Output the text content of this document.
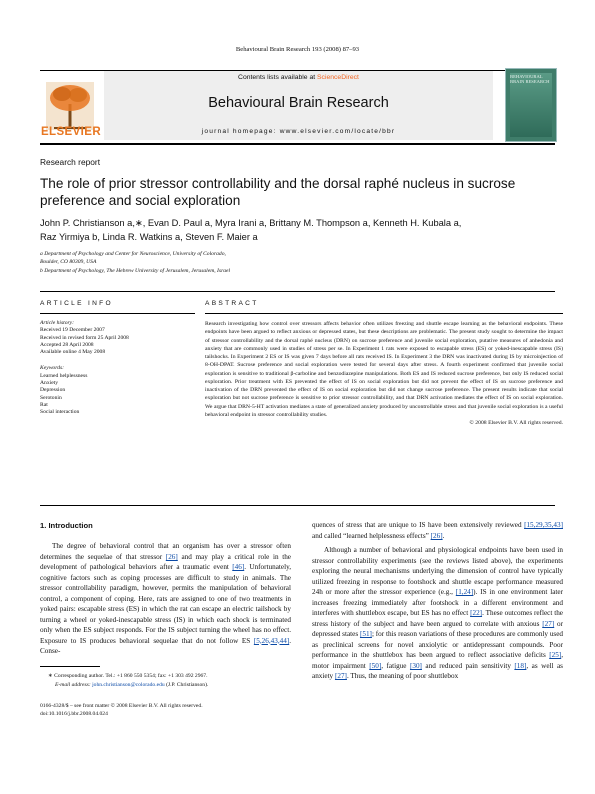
Behavioural Brain Research 193 (2008) 87–93
ELSEVIER
Contents lists available at ScienceDirect
Behavioural Brain Research
journal homepage: www.elsevier.com/locate/bbr
BEHAVIOURAL BRAIN RESEARCH
Research report
The role of prior stressor controllability and the dorsal raphé nucleus in sucrose preference and social exploration
John P. Christianson a,∗, Evan D. Paul a, Myra Irani a, Brittany M. Thompson a, Kenneth H. Kubala a,
Raz Yirmiya b, Linda R. Watkins a, Steven F. Maier a
a Department of Psychology and Center for Neuroscience, University of Colorado,
Boulder, CO 80309, USA
b Department of Psychology, The Hebrew University of Jerusalem, Jerusalem, Israel
ARTICLE INFO	ABSTRACT
Article history:
Received 19 December 2007
Received in revised form 25 April 2008
Accepted 28 April 2008
Available online 4 May 2008
Keywords:
Learned helplessness
Anxiety
Depression
Serotonin
Rat
Social interaction
Research investigating how control over stressors affects behavior often utilizes freezing and shuttle escape learning as the behavioral endpoints. These endpoints have been argued to reflect anxious or depressed states, but these descriptions are problematic. The present study sought to determine the impact of stressor controllability and the dorsal raphé nucleus (DRN) on sucrose preference and juvenile social exploration, putative measures of anhedonia and anxiety that are commonly used in studies of stress per se. In Experiment 1 rats were exposed to escapable stress (ES) or yoked-inescapable stress (IS) tailshocks. In Experiment 2 ES or IS was given 7 days before all rats received IS. In Experiment 3 the DRN was inactivated during IS by microinjection of 8-OH-DPAT. Sucrose preference and social exploration were tested for several days after stress. A fourth experiment confirmed that juvenile social exploration is sensitive to traditional β-carboline and benzodiazepine manipulations. Both ES and IS reduced sucrose preference, but only IS reduced social exploration. Prior treatment with ES prevented the effect of IS on social exploration but did not prevent the effect of IS on sucrose preference and inactivation of the DRN prevented the effect of IS on social exploration but did not change sucrose preference. The present results indicate that social exploration but not sucrose preference is sensitive to prior stressor controllability, and that DRN activation mediates the effect of IS on social exploration. We argue that DRN-5-HT activation mediates a state of generalized anxiety produced by uncontrollable stress and that juvenile social exploration is a useful behavioral endpoint in stressor controllability studies.
© 2008 Elsevier B.V. All rights reserved.
1. Introduction

The degree of behavioral control that an organism has over a stressor often determines the sequelae of that stressor [26] and may play a critical role in the development of pathological behaviors after a traumatic event [46]. Unfortunately, cognitive factors such as coping processes are difficult to study in animals. The stressor controllability paradigm, however, permits the manipulation of behavioral control, a component of coping. Here, rats are assigned to one of two treatments in yoked pairs: escapable stress (ES) in which the rat can escape an electric tailshock by turning a wheel or yoked-inescapable stress (IS) in which each shock is terminated only when the ES subject responds. For the IS subject turning the wheel has no effect. Exposure to IS produces behavioral sequelae that do not follow ES [5,26,43,44]. Conse-

quences of stress that are unique to IS have been extensively reviewed [15,29,35,43] and called “learned helplessness effects” [26].

Although a number of behavioral and physiological endpoints have been used in stressor controllability experiments (see the reviews listed above), the experiments exploring the neural mechanisms underlying the dimension of control have typically utilized freezing in response to footshock and shuttle escape performance measured 24h or more after the stressor experience (e.g., [1,24]). IS in one environment later increases freezing immediately after footshock in a different environment and interferes with shuttlebox escape, but ES has no effect [22]. These outcomes reflect the stress history of the subject and have been argued to correlate with anxious [27] or depressed states [51]; for this reason variations of these procedures are commonly used as preclinical screens for novel anxiolytic or antidepressant compounds. Poor performance in the shuttlebox has been argued to reflect associative deficits [25], motor impairment [50], fatigue [30] and reduced pain sensitivity [18], as well as anxiety [27]. Thus, the meaning of poor shuttlebox

∗ Corresponding author. Tel.: +1 860 550 5354; fax: +1 303 492 2967.
E-mail address: john.christianson@colorado.edu (J.P. Christianson).
0166-4328/$ – see front matter © 2008 Elsevier B.V. All rights reserved.
doi:10.1016/j.bbr.2008.04.024
